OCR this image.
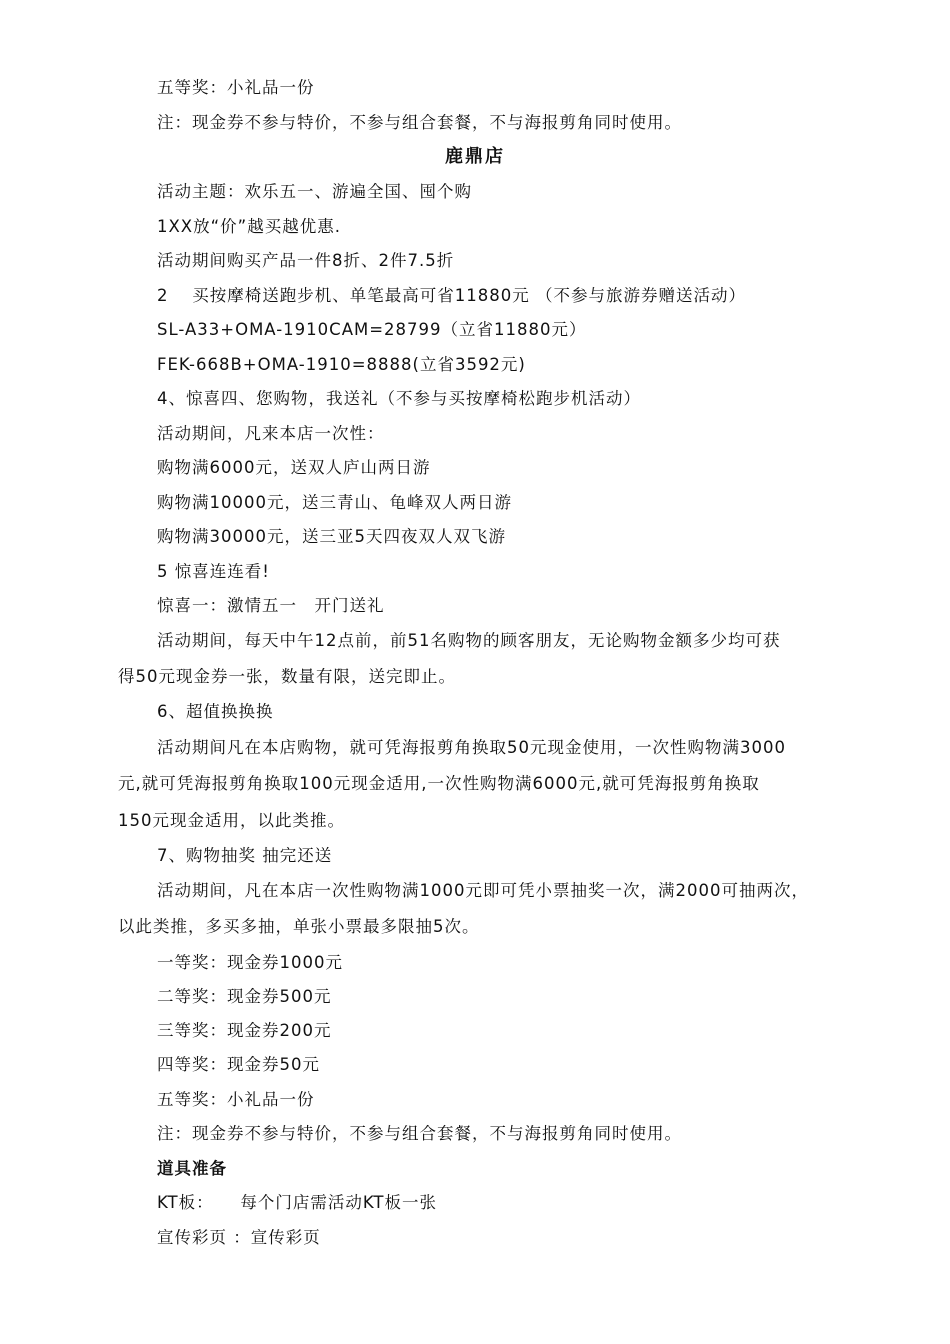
五等奖：小礼品一份
注：现金券不参与特价，不参与组合套餐，不与海报剪角同时使用。
鹿鼎店
活动主题：欢乐五一、游遍全国、囤个购
1XX放“价”越买越优惠.
活动期间购买产品一件8折、2件7.5折
2　 买按摩椅送跑步机、单笔最高可省11880元 （不参与旅游券赠送活动）
SL-A33+OMA-1910CAM=28799（立省11880元）
FEK-668B+OMA-1910=8888(立省3592元)
4、惊喜四、您购物，我送礼（不参与买按摩椅松跑步机活动）
活动期间，凡来本店一次性：
购物满6000元，送双人庐山两日游
购物满10000元，送三青山、龟峰双人两日游
购物满30000元，送三亚5天四夜双人双飞游
5 惊喜连连看!
惊喜一：激情五一　开门送礼
活动期间，每天中午12点前，前51名购物的顾客朋友，无论购物金额多少均可获
得50元现金券一张，数量有限，送完即止。
6、超值换换换
活动期间凡在本店购物，就可凭海报剪角换取50元现金使用，一次性购物满3000
元,就可凭海报剪角换取100元现金适用,一次性购物满6000元,就可凭海报剪角换取
150元现金适用，以此类推。
7、购物抽奖 抽完还送
活动期间，凡在本店一次性购物满1000元即可凭小票抽奖一次，满2000可抽两次，
以此类推，多买多抽，单张小票最多限抽5次。
一等奖：现金券1000元
二等奖：现金券500元
三等奖：现金券200元
四等奖：现金券50元
五等奖：小礼品一份
注：现金券不参与特价，不参与组合套餐，不与海报剪角同时使用。
道具准备
KT板：　　每个门店需活动KT板一张
宣传彩页 ：宣传彩页
